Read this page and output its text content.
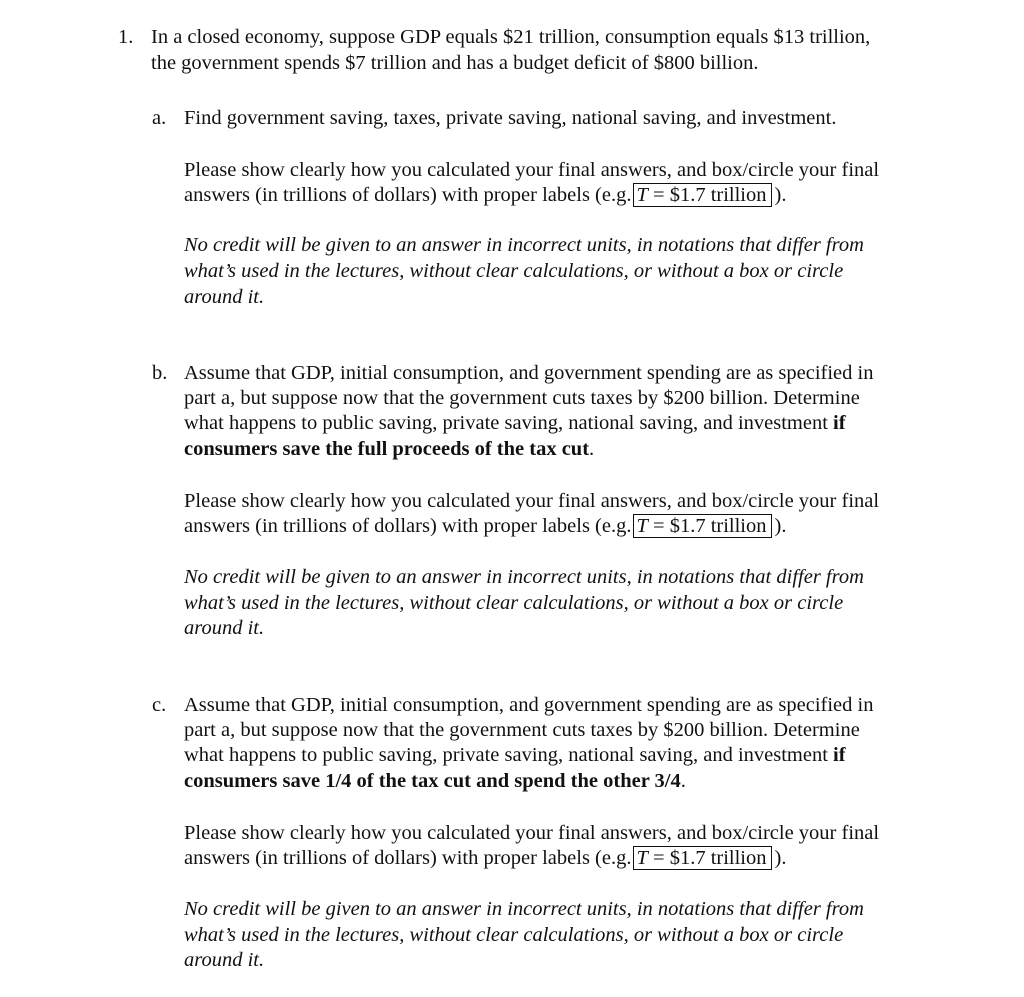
1. In a closed economy, suppose GDP equals $21 trillion, consumption equals $13 trillion,
the government spends $7 trillion and has a budget deficit of $800 billion.
a. Find government saving, taxes, private saving, national saving, and investment.
Please show clearly how you calculated your final answers, and box/circle your final
answers (in trillions of dollars) with proper labels (e.g. T = $1.7 trillion ).
No credit will be given to an answer in incorrect units, in notations that differ from
what’s used in the lectures, without clear calculations, or without a box or circle
around it.
b. Assume that GDP, initial consumption, and government spending are as specified in
part a, but suppose now that the government cuts taxes by $200 billion. Determine
what happens to public saving, private saving, national saving, and investment if
consumers save the full proceeds of the tax cut.
Please show clearly how you calculated your final answers, and box/circle your final
answers (in trillions of dollars) with proper labels (e.g. T = $1.7 trillion ).
No credit will be given to an answer in incorrect units, in notations that differ from
what’s used in the lectures, without clear calculations, or without a box or circle
around it.
c. Assume that GDP, initial consumption, and government spending are as specified in
part a, but suppose now that the government cuts taxes by $200 billion. Determine
what happens to public saving, private saving, national saving, and investment if
consumers save 1/4 of the tax cut and spend the other 3/4.
Please show clearly how you calculated your final answers, and box/circle your final
answers (in trillions of dollars) with proper labels (e.g. T = $1.7 trillion ).
No credit will be given to an answer in incorrect units, in notations that differ from
what’s used in the lectures, without clear calculations, or without a box or circle
around it.
